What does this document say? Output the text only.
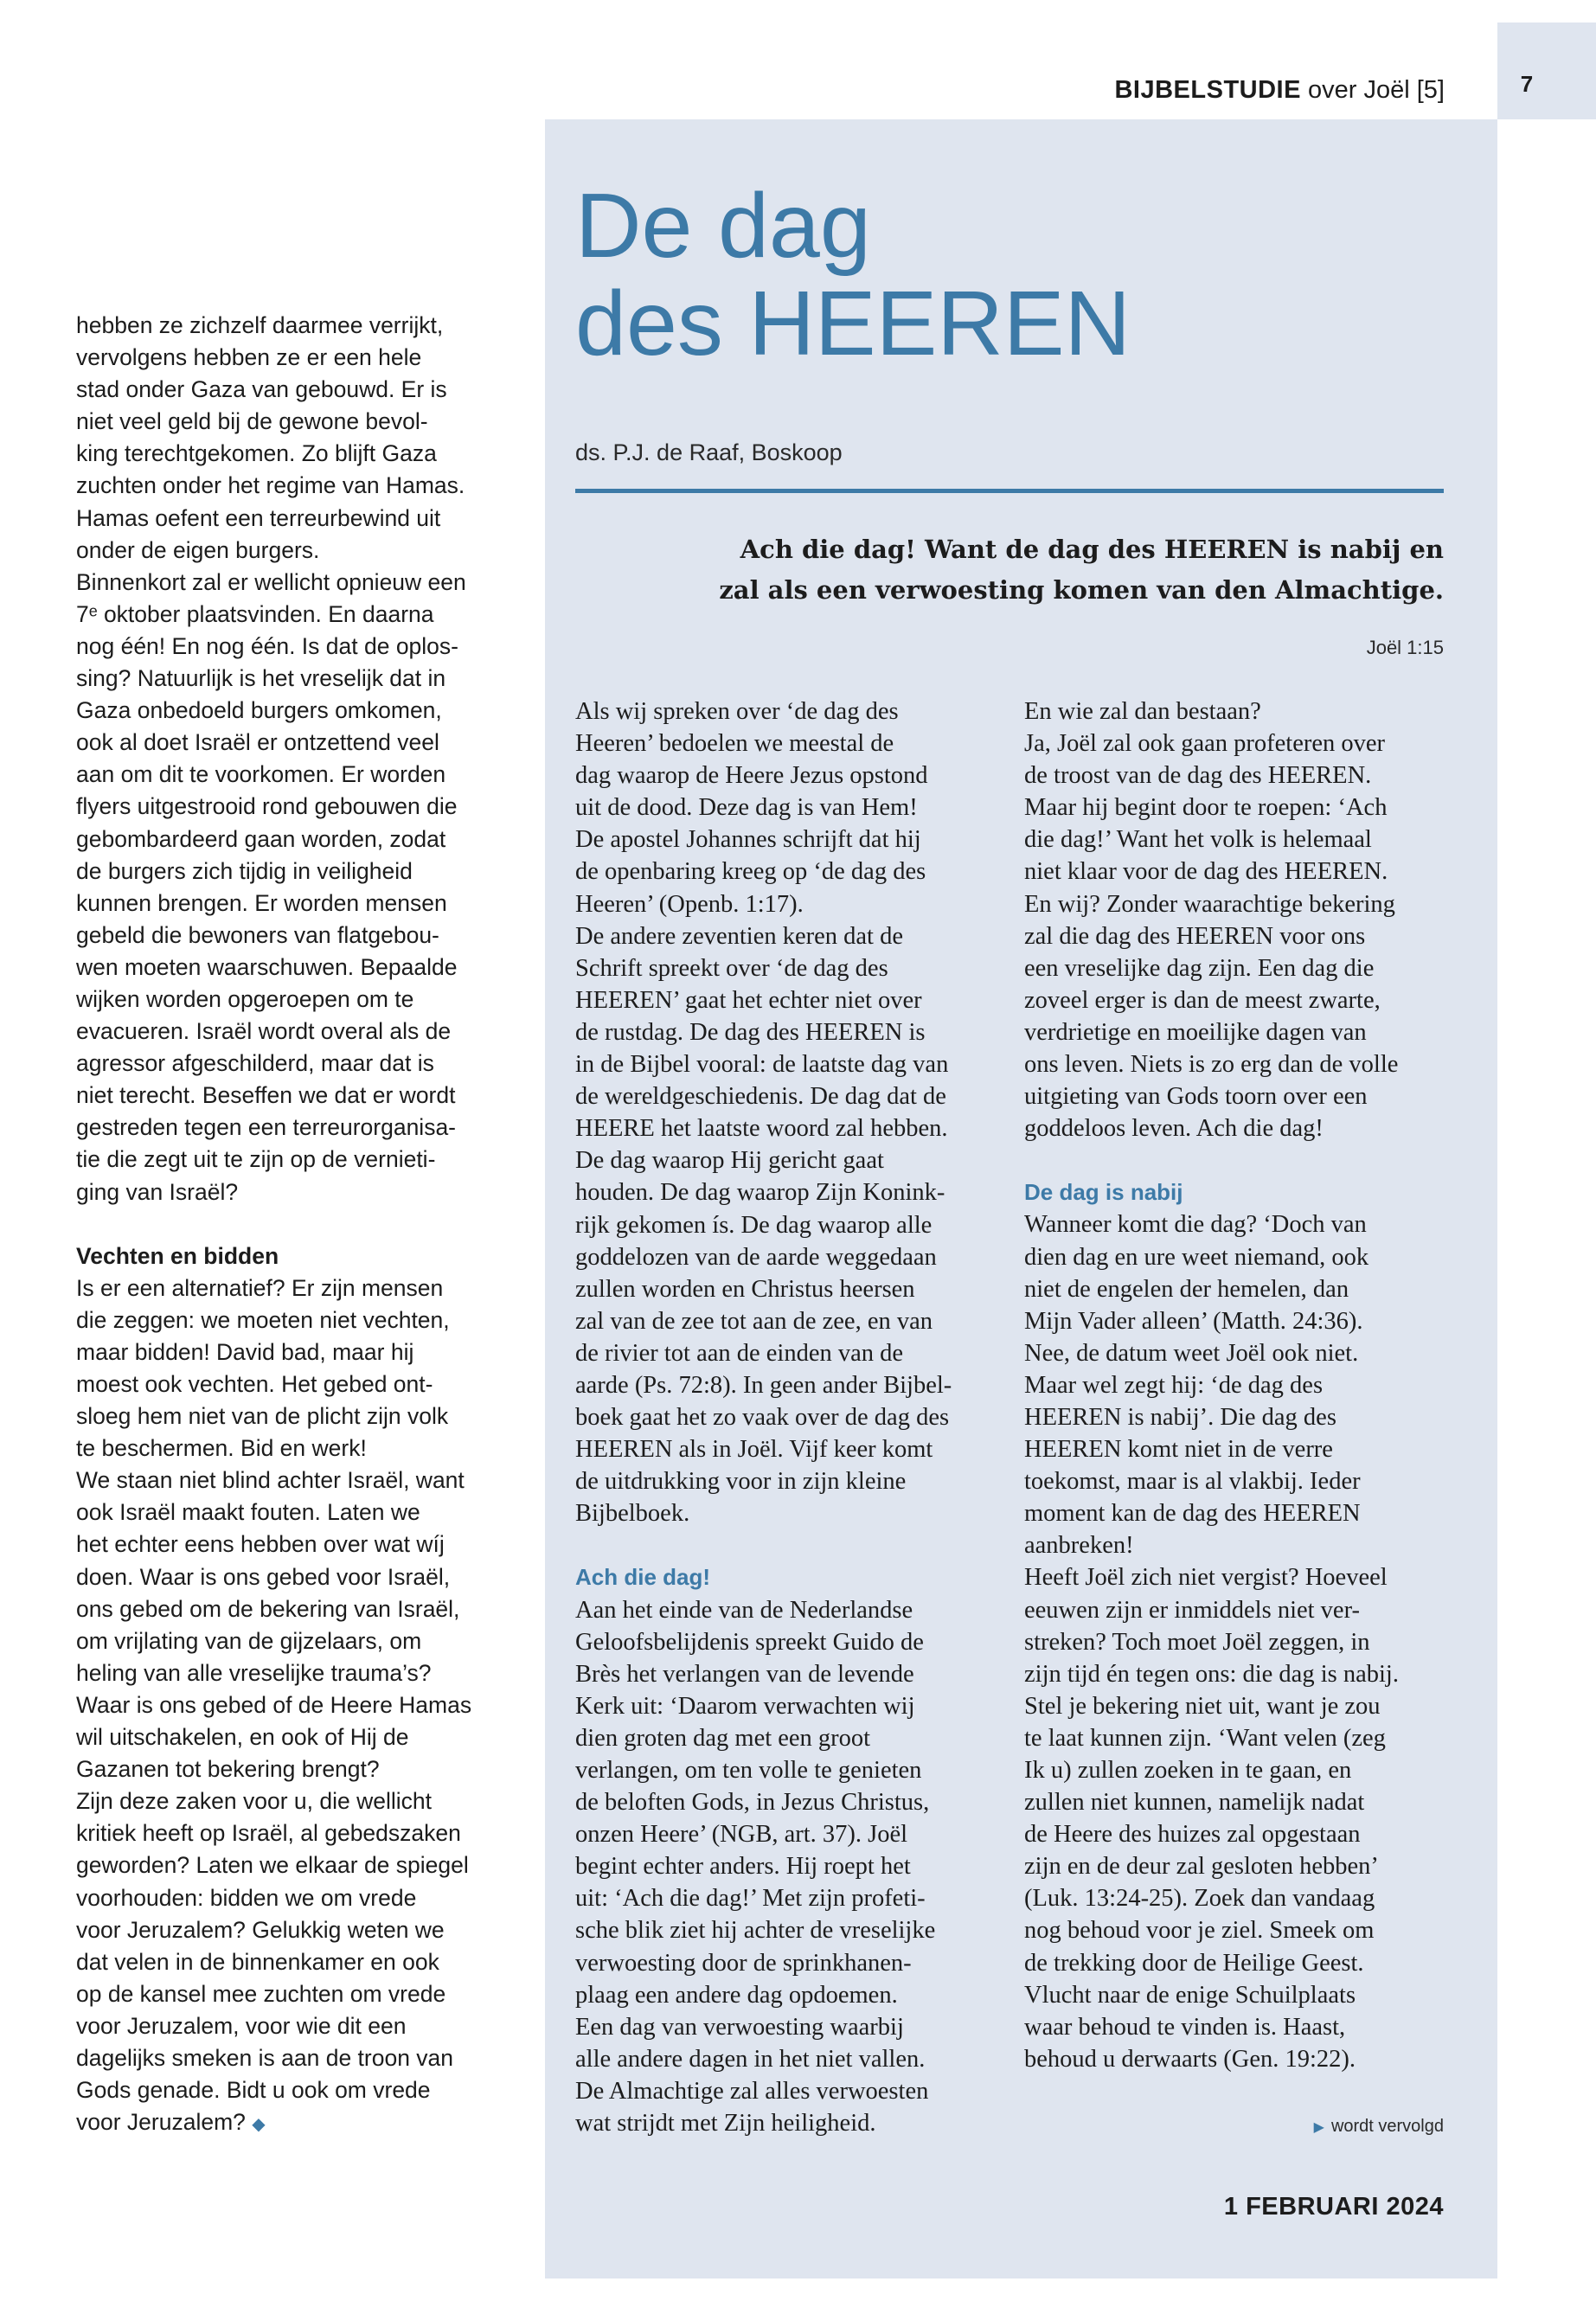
7
BIJBELSTUDIE over Joël [5]

hebben ze zichzelf daarmee verrijkt,
vervolgens hebben ze er een hele
stad onder Gaza van gebouwd. Er is
niet veel geld bij de gewone bevol-
king terechtgekomen. Zo blijft Gaza
zuchten onder het regime van Hamas.
Hamas oefent een terreurbewind uit
onder de eigen burgers.
Binnenkort zal er wellicht opnieuw een
7ᵉ oktober plaatsvinden. En daarna
nog één! En nog één. Is dat de oplos-
sing? Natuurlijk is het vreselijk dat in
Gaza onbedoeld burgers omkomen,
ook al doet Israël er ontzettend veel
aan om dit te voorkomen. Er worden
flyers uitgestrooid rond gebouwen die
gebombardeerd gaan worden, zodat
de burgers zich tijdig in veiligheid
kunnen brengen. Er worden mensen
gebeld die bewoners van flatgebou-
wen moeten waarschuwen. Bepaalde
wijken worden opgeroepen om te
evacueren. Israël wordt overal als de
agressor afgeschilderd, maar dat is
niet terecht. Beseffen we dat er wordt
gestreden tegen een terreurorganisa-
tie die zegt uit te zijn op de vernieti-
ging van Israël?

Vechten en bidden

Is er een alternatief? Er zijn mensen
die zeggen: we moeten niet vechten,
maar bidden! David bad, maar hij
moest ook vechten. Het gebed ont-
sloeg hem niet van de plicht zijn volk
te beschermen. Bid en werk!
We staan niet blind achter Israël, want
ook Israël maakt fouten. Laten we
het echter eens hebben over wat wíj
doen. Waar is ons gebed voor Israël,
ons gebed om de bekering van Israël,
om vrijlating van de gijzelaars, om
heling van alle vreselijke trauma’s?
Waar is ons gebed of de Heere Hamas
wil uitschakelen, en ook of Hij de
Gazanen tot bekering brengt?
Zijn deze zaken voor u, die wellicht
kritiek heeft op Israël, al gebedszaken
geworden? Laten we elkaar de spiegel
voorhouden: bidden we om vrede
voor Jeruzalem? Gelukkig weten we
dat velen in de binnenkamer en ook
op de kansel mee zuchten om vrede
voor Jeruzalem, voor wie dit een
dagelijks smeken is aan de troon van
Gods genade. Bidt u ook om vrede
voor Jeruzalem? ◆

De dag
des HEEREN
ds. P.J. de Raaf, Boskoop
Ach die dag! Want de dag des HEEREN is nabij en
zal als een verwoesting komen van den Almachtige.
Joël 1:15

Als wij spreken over ‘de dag des
Heeren’ bedoelen we meestal de
dag waarop de Heere Jezus opstond
uit de dood. Deze dag is van Hem!
De apostel Johannes schrijft dat hij
de openbaring kreeg op ‘de dag des
Heeren’ (Openb. 1:17).
De andere zeventien keren dat de
Schrift spreekt over ‘de dag des
HEEREN’ gaat het echter niet over
de rustdag. De dag des HEEREN is
in de Bijbel vooral: de laatste dag van
de wereldgeschiedenis. De dag dat de
HEERE het laatste woord zal hebben.
De dag waarop Hij gericht gaat
houden. De dag waarop Zijn Konink-
rijk gekomen ís. De dag waarop alle
goddelozen van de aarde weggedaan
zullen worden en Christus heersen
zal van de zee tot aan de zee, en van
de rivier tot aan de einden van de
aarde (Ps. 72:8). In geen ander Bijbel-
boek gaat het zo vaak over de dag des
HEEREN als in Joël. Vijf keer komt
de uitdrukking voor in zijn kleine
Bijbelboek.

Ach die dag!

Aan het einde van de Nederlandse
Geloofsbelijdenis spreekt Guido de
Brès het verlangen van de levende
Kerk uit: ‘Daarom verwachten wij
dien groten dag met een groot
verlangen, om ten volle te genieten
de beloften Gods, in Jezus Christus,
onzen Heere’ (NGB, art. 37). Joël
begint echter anders. Hij roept het
uit: ‘Ach die dag!’ Met zijn profeti-
sche blik ziet hij achter de vreselijke
verwoesting door de sprinkhanen-
plaag een andere dag opdoemen.
Een dag van verwoesting waarbij
alle andere dagen in het niet vallen.
De Almachtige zal alles verwoesten
wat strijdt met Zijn heiligheid.

En wie zal dan bestaan?
Ja, Joël zal ook gaan profeteren over
de troost van de dag des HEEREN.
Maar hij begint door te roepen: ‘Ach
die dag!’ Want het volk is helemaal
niet klaar voor de dag des HEEREN.
En wij? Zonder waarachtige bekering
zal die dag des HEEREN voor ons
een vreselijke dag zijn. Een dag die
zoveel erger is dan de meest zwarte,
verdrietige en moeilijke dagen van
ons leven. Niets is zo erg dan de volle
uitgieting van Gods toorn over een
goddeloos leven. Ach die dag!

De dag is nabij

Wanneer komt die dag? ‘Doch van
dien dag en ure weet niemand, ook
niet de engelen der hemelen, dan
Mijn Vader alleen’ (Matth. 24:36).
Nee, de datum weet Joël ook niet.
Maar wel zegt hij: ‘de dag des
HEEREN is nabij’. Die dag des
HEEREN komt niet in de verre
toekomst, maar is al vlakbij. Ieder
moment kan de dag des HEEREN
aanbreken!
Heeft Joël zich niet vergist? Hoeveel
eeuwen zijn er inmiddels niet ver-
streken? Toch moet Joël zeggen, in
zijn tijd én tegen ons: die dag is nabij.
Stel je bekering niet uit, want je zou
te laat kunnen zijn. ‘Want velen (zeg
Ik u) zullen zoeken in te gaan, en
zullen niet kunnen, namelijk nadat
de Heere des huizes zal opgestaan
zijn en de deur zal gesloten hebben’
(Luk. 13:24-25). Zoek dan vandaag
nog behoud voor je ziel. Smeek om
de trekking door de Heilige Geest.
Vlucht naar de enige Schuilplaats
waar behoud te vinden is. Haast,
behoud u derwaarts (Gen. 19:22).

▶ wordt vervolgd
1 FEBRUARI 2024
